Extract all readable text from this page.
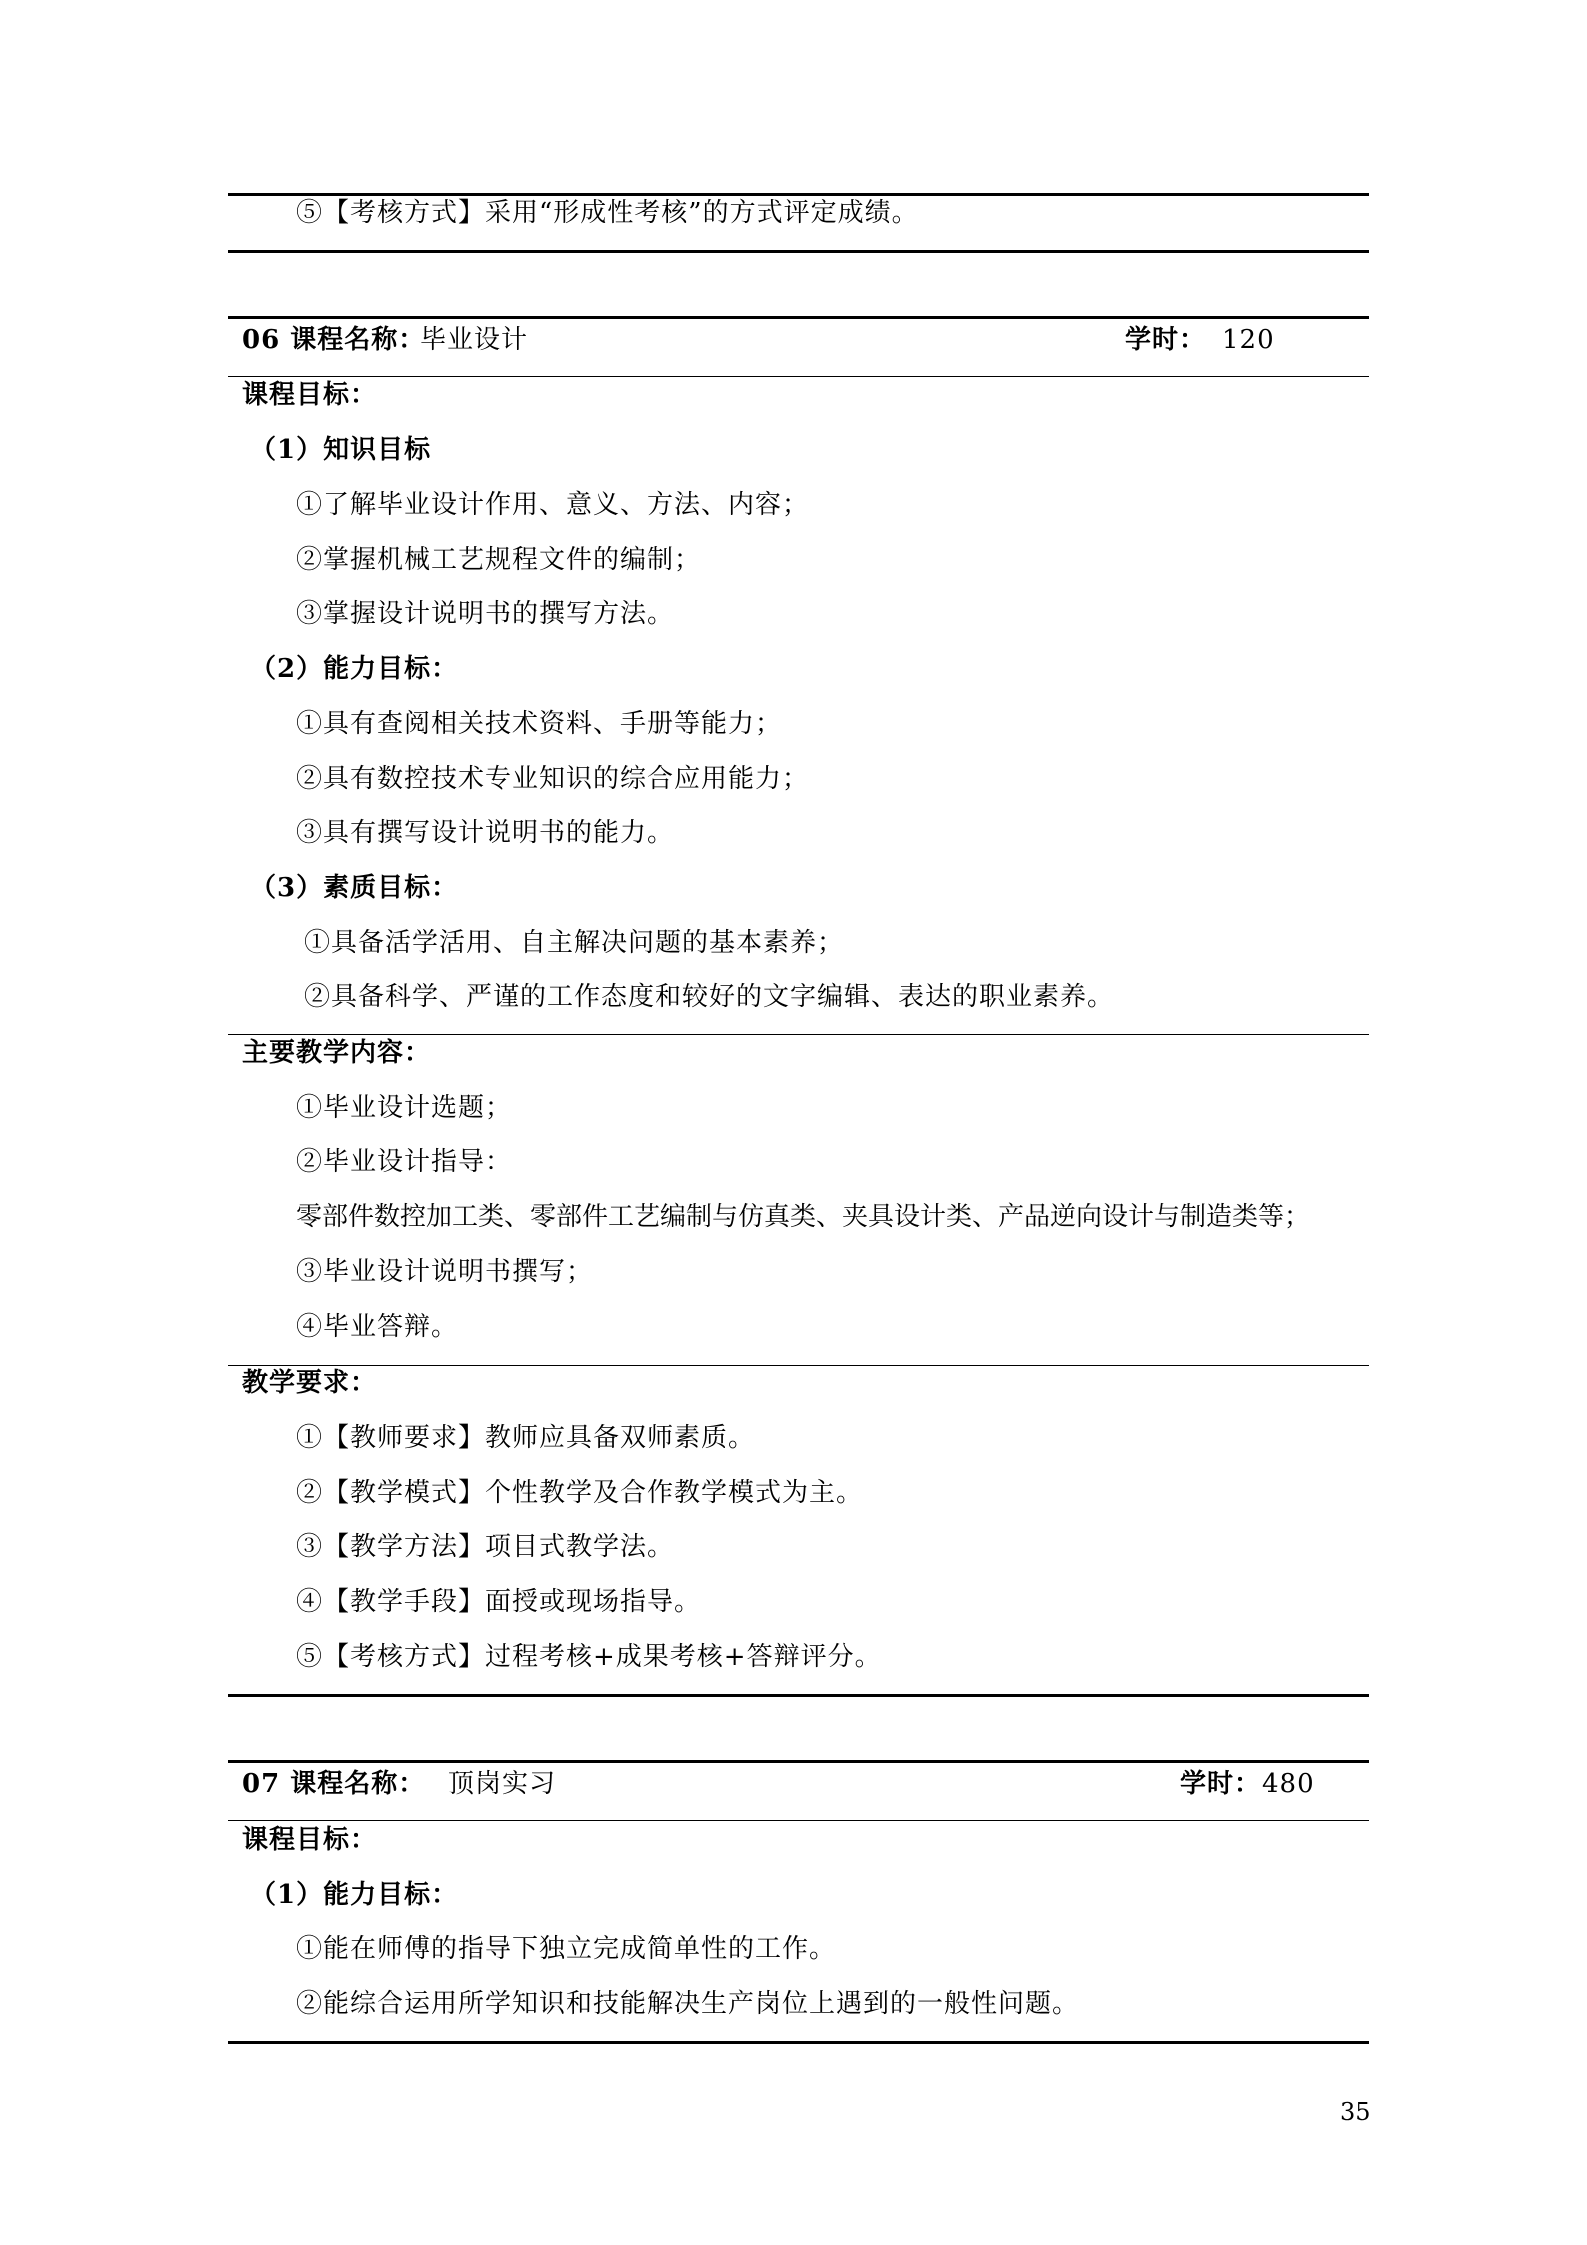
⑤【考核方式】采用“形成性考核”的方式评定成绩。
06 课程名称：
毕业设计	学时： 120
课程目标：
（1）知识目标
①了解毕业设计作用、意义、方法、内容；
②掌握机械工艺规程文件的编制；
③掌握设计说明书的撰写方法。
（2）能力目标：
①具有查阅相关技术资料、手册等能力；
②具有数控技术专业知识的综合应用能力；
③具有撰写设计说明书的能力。
（3）素质目标：
①具备活学活用、自主解决问题的基本素养；
②具备科学、严谨的工作态度和较好的文字编辑、表达的职业素养。
主要教学内容：
①毕业设计选题；
②毕业设计指导：
零部件数控加工类、零部件工艺编制与仿真类、夹具设计类、产品逆向设计与制造类等；
③毕业设计说明书撰写；
④毕业答辩。
教学要求：
①【教师要求】教师应具备双师素质。
②【教学模式】个性教学及合作教学模式为主。
③【教学方法】项目式教学法。
④【教学手段】面授或现场指导。
⑤【考核方式】过程考核+成果考核+答辩评分。
07 课程名称： 顶岗实习	学时： 480
课程目标：
（1）能力目标：
①能在师傅的指导下独立完成简单性的工作。
②能综合运用所学知识和技能解决生产岗位上遇到的一般性问题。
35
